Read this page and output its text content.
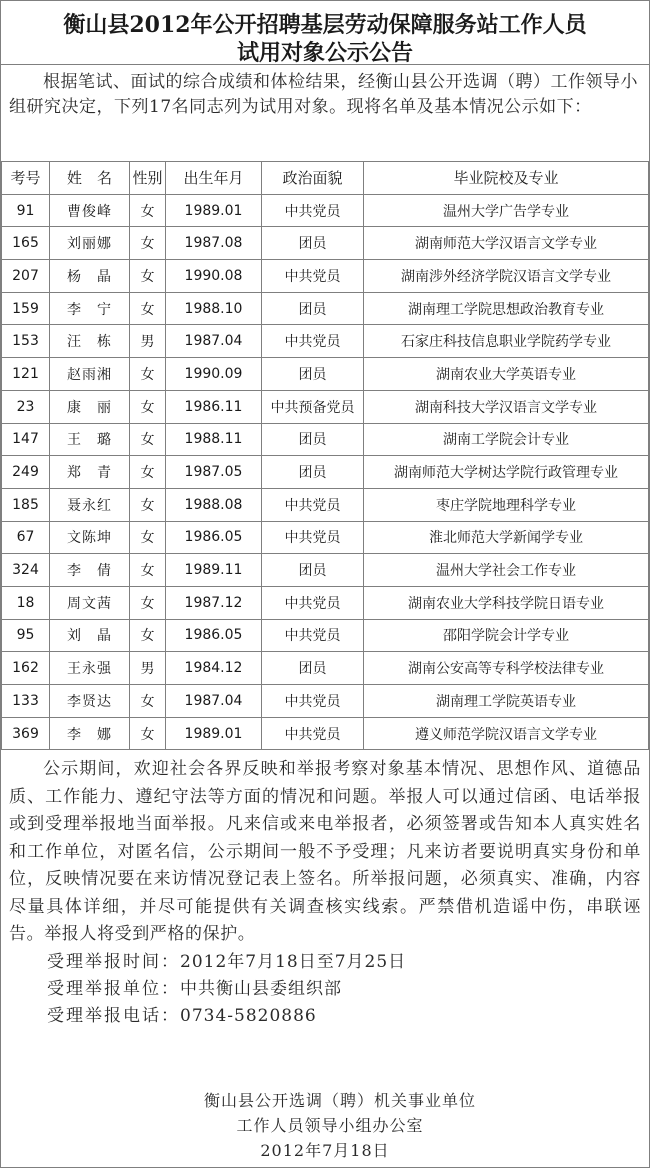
衡山县2012年公开招聘基层劳动保障服务站工作人员
试用对象公示公告
根据笔试、面试的综合成绩和体检结果，经衡山县公开选调（聘）工作领导小组研究决定，下列17名同志列为试用对象。现将名单及基本情况公示如下：
考号	姓　名	性别	出生年月	政治面貌	毕业院校及专业
91	曹俊峰	女	1989.01	中共党员	温州大学广告学专业
165	刘丽娜	女	1987.08	团员	湖南师范大学汉语言文学专业
207	杨　晶	女	1990.08	中共党员	湖南涉外经济学院汉语言文学专业
159	李　宁	女	1988.10	团员	湖南理工学院思想政治教育专业
153	汪　栋	男	1987.04	中共党员	石家庄科技信息职业学院药学专业
121	赵雨湘	女	1990.09	团员	湖南农业大学英语专业
23	康　丽	女	1986.11	中共预备党员	湖南科技大学汉语言文学专业
147	王　璐	女	1988.11	团员	湖南工学院会计专业
249	郑　青	女	1987.05	团员	湖南师范大学树达学院行政管理专业
185	聂永红	女	1988.08	中共党员	枣庄学院地理科学专业
67	文陈坤	女	1986.05	中共党员	淮北师范大学新闻学专业
324	李　倩	女	1989.11	团员	温州大学社会工作专业
18	周文茜	女	1987.12	中共党员	湖南农业大学科技学院日语专业
95	刘　晶	女	1986.05	中共党员	邵阳学院会计学专业
162	王永强	男	1984.12	团员	湖南公安高等专科学校法律专业
133	李贤达	女	1987.04	中共党员	湖南理工学院英语专业
369	李　娜	女	1989.01	中共党员	遵义师范学院汉语言文学专业
公示期间，欢迎社会各界反映和举报考察对象基本情况、思想作风、道德品质、工作能力、遵纪守法等方面的情况和问题。举报人可以通过信函、电话举报或到受理举报地当面举报。凡来信或来电举报者，必须签署或告知本人真实姓名和工作单位，对匿名信，公示期间一般不予受理；凡来访者要说明真实身份和单位，反映情况要在来访情况登记表上签名。所举报问题，必须真实、准确，内容尽量具体详细，并尽可能提供有关调查核实线索。严禁借机造谣中伤，串联诬告。举报人将受到严格的保护。
受理举报时间：2012年7月18日至7月25日
受理举报单位：中共衡山县委组织部
受理举报电话：0734-5820886
衡山县公开选调（聘）机关事业单位
工作人员领导小组办公室
2012年7月18日
